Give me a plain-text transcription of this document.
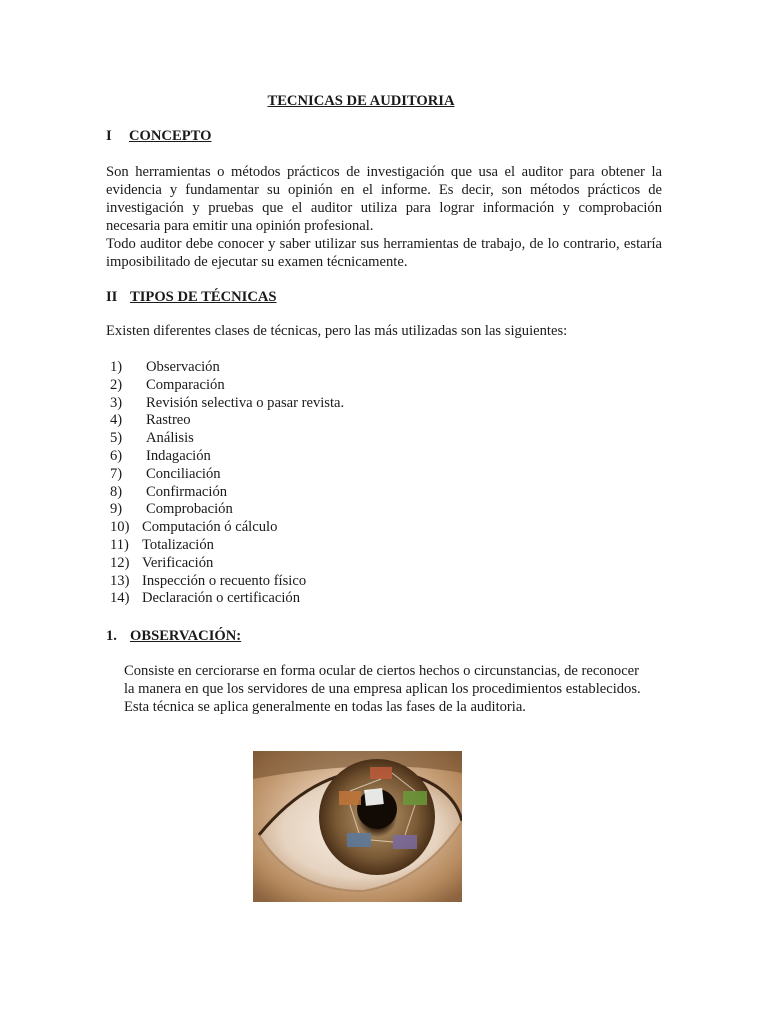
TECNICAS DE AUDITORIA
I CONCEPTO

Son herramientas o métodos prácticos de investigación que usa el auditor para obtener la evidencia y fundamentar su opinión en el informe. Es decir, son métodos prácticos de investigación y pruebas que el auditor utiliza para lograr información y comprobación necesaria para emitir una opinión profesional.

Todo auditor debe conocer y saber utilizar sus herramientas de trabajo, de lo contrario, estaría imposibilitado de ejecutar su examen técnicamente.

II TIPOS DE TÉCNICAS
Existen diferentes clases de técnicas, pero las más utilizadas son las siguientes:
1) Observación
2) Comparación
3) Revisión selectiva o pasar revista.
4) Rastreo
5) Análisis
6) Indagación
7) Conciliación
8) Confirmación
9) Comprobación
10) Computación ó cálculo
11) Totalización
12) Verificación
13) Inspección o recuento físico
14) Declaración o certificación
1. OBSERVACIÓN:
Consiste en cerciorarse en forma ocular de ciertos hechos o circunstancias, de reconocer
la manera en que los servidores de una empresa aplican los procedimientos establecidos.
Esta técnica se aplica generalmente en todas las fases de la auditoria.
